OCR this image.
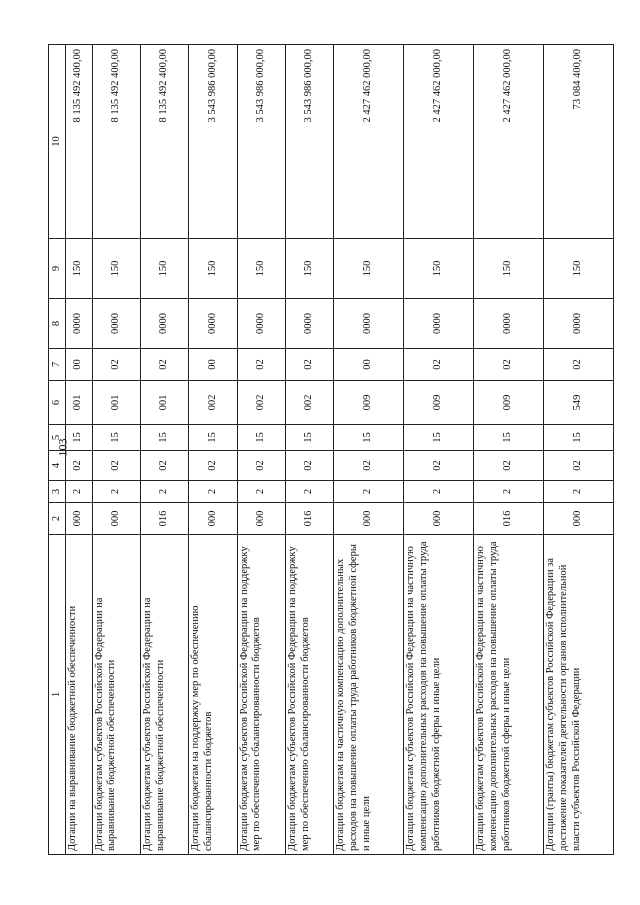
103
1	2	3	4	5	6	7	8	9	10
Дотации на выравнивание бюджетной обеспеченности	000	2	02	15	001	00	0000	150	8 135 492 400,00
Дотации бюджетам субъектов Российской Федерации на выравнивание бюджетной обеспеченности	000	2	02	15	001	02	0000	150	8 135 492 400,00
Дотации бюджетам субъектов Российской Федерации на выравнивание бюджетной обеспеченности	016	2	02	15	001	02	0000	150	8 135 492 400,00
Дотации бюджетам на поддержку мер по обеспечению сбалансированности бюджетов	000	2	02	15	002	00	0000	150	3 543 986 000,00
Дотации бюджетам субъектов Российской Федерации на поддержку мер по обеспечению сбалансированности бюджетов	000	2	02	15	002	02	0000	150	3 543 986 000,00
Дотации бюджетам субъектов Российской Федерации на поддержку мер по обеспечению сбалансированности бюджетов	016	2	02	15	002	02	0000	150	3 543 986 000,00
Дотации бюджетам на частичную компенсацию дополнительных расходов на повышение оплаты труда работников бюджетной сферы и иные цели	000	2	02	15	009	00	0000	150	2 427 462 000,00
Дотации бюджетам субъектов Российской Федерации на частичную компенсацию дополнительных расходов на повышение оплаты труда работников бюджетной сферы и иные цели	000	2	02	15	009	02	0000	150	2 427 462 000,00
Дотации бюджетам субъектов Российской Федерации на частичную компенсацию дополнительных расходов на повышение оплаты труда работников бюджетной сферы и иные цели	016	2	02	15	009	02	0000	150	2 427 462 000,00
Дотации (гранты) бюджетам субъектов Российской Федерации за достижение показателей деятельности органов исполнительной власти субъектов Российской Федерации	000	2	02	15	549	02	0000	150	73 084 400,00
